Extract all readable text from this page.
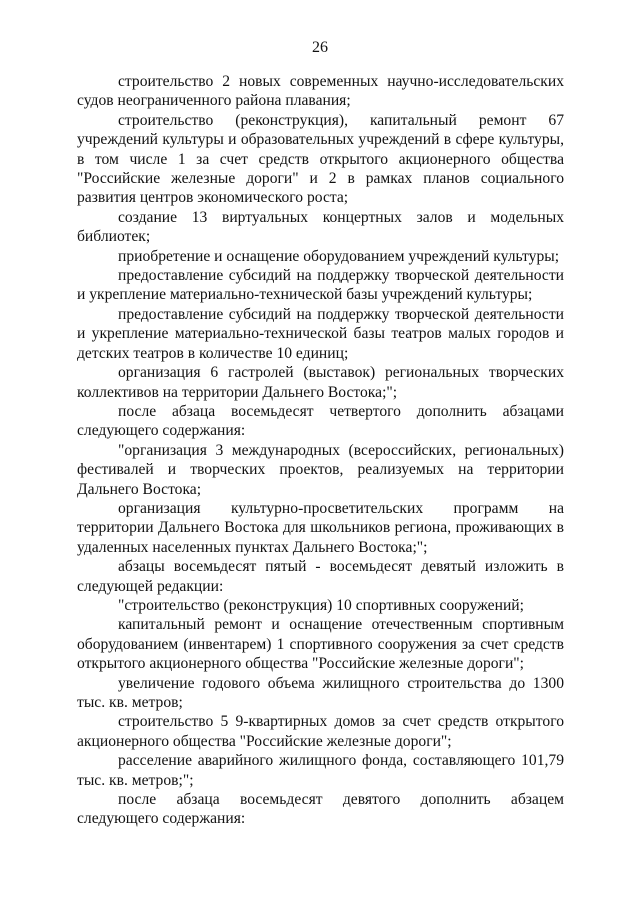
26

строительство 2 новых современных научно-исследовательских судов неограниченного района плавания;

строительство (реконструкция), капитальный ремонт 67 учреждений культуры и образовательных учреждений в сфере культуры, в том числе 1 за счет средств открытого акционерного общества "Российские железные дороги" и 2 в рамках планов социального развития центров экономического роста;

создание 13 виртуальных концертных залов и модельных библиотек;

приобретение и оснащение оборудованием учреждений культуры;

предоставление субсидий на поддержку творческой деятельности и укрепление материально-технической базы учреждений культуры;

предоставление субсидий на поддержку творческой деятельности и укрепление материально-технической базы театров малых городов и детских театров в количестве 10 единиц;

организация 6 гастролей (выставок) региональных творческих коллективов на территории Дальнего Востока;";

после абзаца восемьдесят четвертого дополнить абзацами следующего содержания:

"организация 3 международных (всероссийских, региональных) фестивалей и творческих проектов, реализуемых на территории Дальнего Востока;

организация культурно-просветительских программ на территории Дальнего Востока для школьников региона, проживающих в удаленных населенных пунктах Дальнего Востока;";

абзацы восемьдесят пятый - восемьдесят девятый изложить в следующей редакции:

"строительство (реконструкция) 10 спортивных сооружений;

капитальный ремонт и оснащение отечественным спортивным оборудованием (инвентарем) 1 спортивного сооружения за счет средств открытого акционерного общества "Российские железные дороги";

увеличение годового объема жилищного строительства до 1300 тыс. кв. метров;

строительство 5 9-квартирных домов за счет средств открытого акционерного общества "Российские железные дороги";

расселение аварийного жилищного фонда, составляющего 101,79 тыс. кв. метров;";

после абзаца восемьдесят девятого дополнить абзацем следующего содержания:
